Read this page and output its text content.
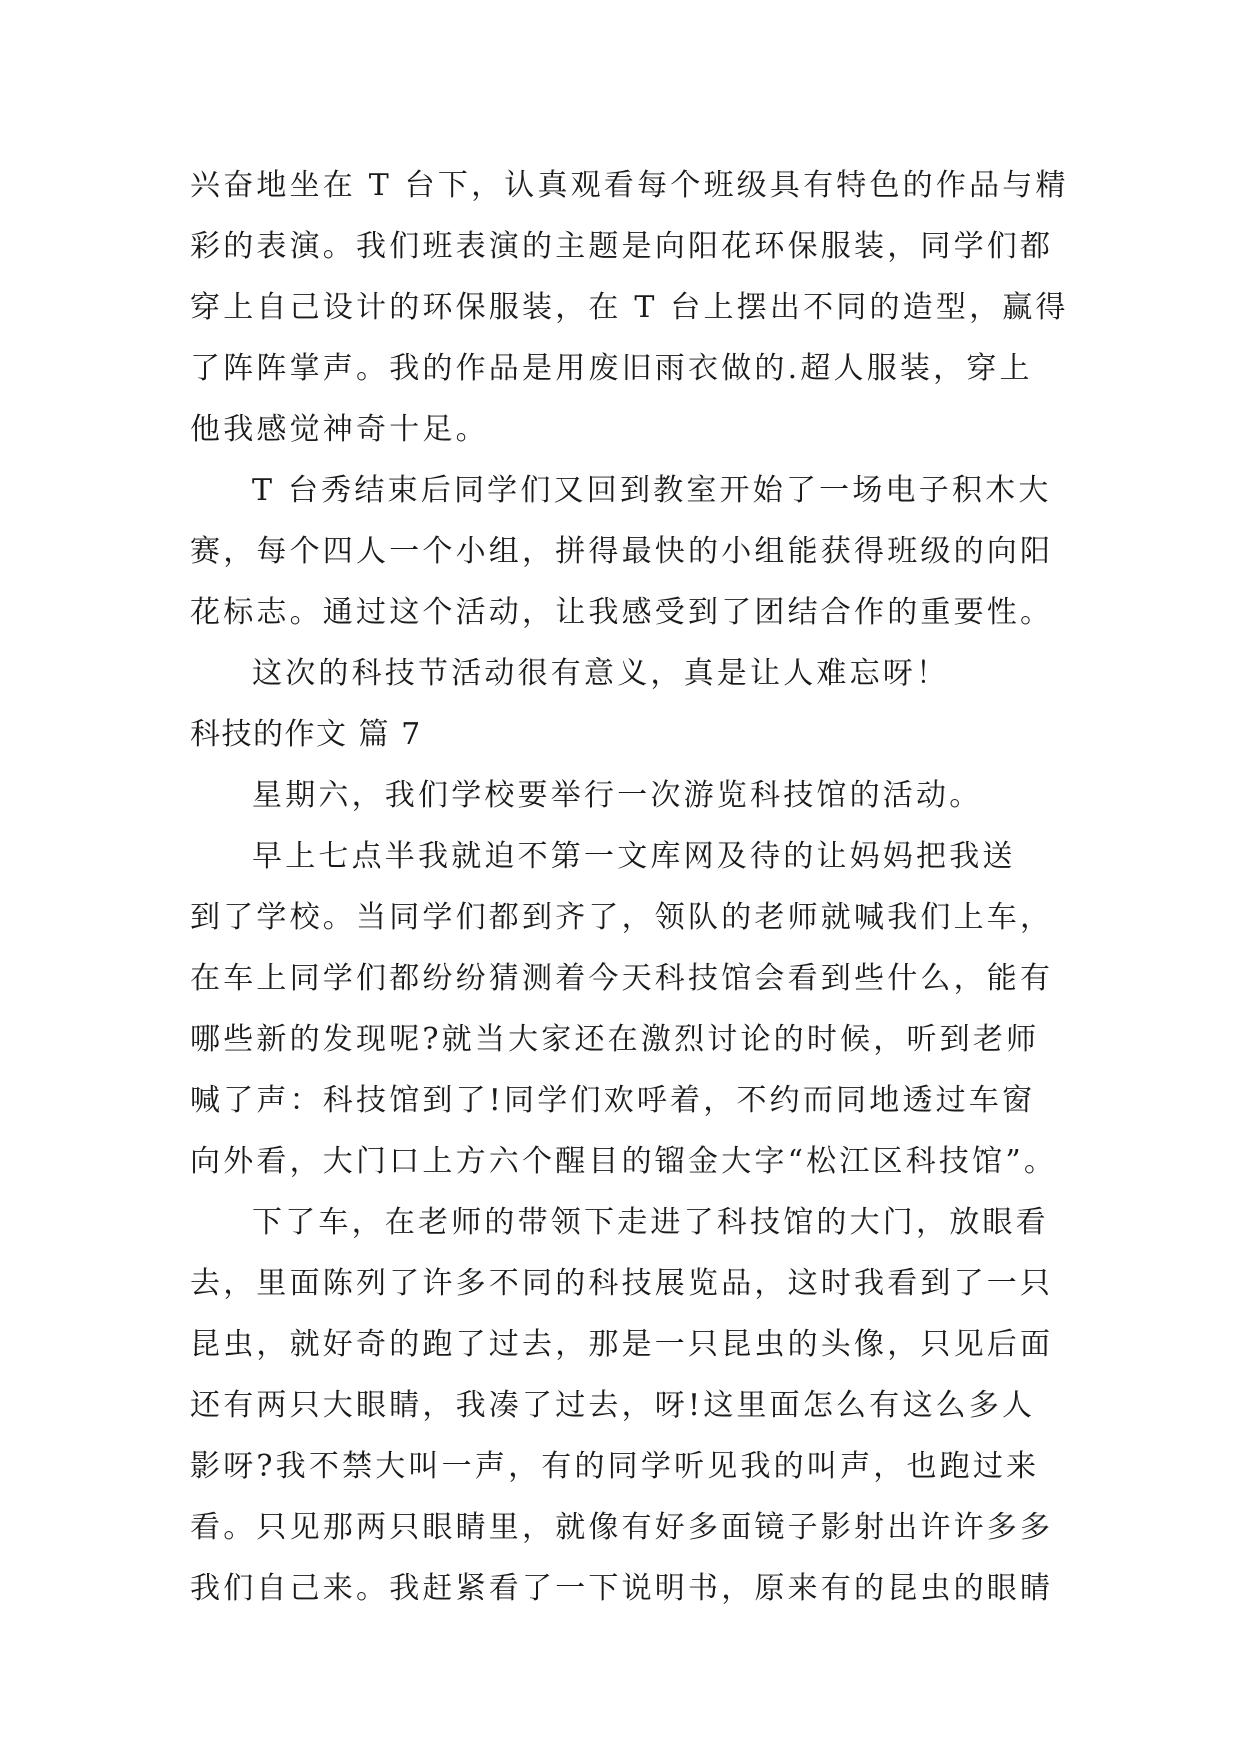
兴奋地坐在 T 台下，认真观看每个班级具有特色的作品与精
彩的表演。我们班表演的主题是向阳花环保服装，同学们都
穿上自己设计的环保服装，在 T 台上摆出不同的造型，赢得
了阵阵掌声。我的作品是用废旧雨衣做的.超人服装，穿上
他我感觉神奇十足。
T 台秀结束后同学们又回到教室开始了一场电子积木大
赛，每个四人一个小组，拼得最快的小组能获得班级的向阳
花标志。通过这个活动，让我感受到了团结合作的重要性。
这次的科技节活动很有意义，真是让人难忘呀！
科技的作文 篇 7
星期六，我们学校要举行一次游览科技馆的活动。
早上七点半我就迫不第一文库网及待的让妈妈把我送
到了学校。当同学们都到齐了，领队的老师就喊我们上车，
在车上同学们都纷纷猜测着今天科技馆会看到些什么，能有
哪些新的发现呢?就当大家还在激烈讨论的时候，听到老师
喊了声：科技馆到了!同学们欢呼着，不约而同地透过车窗
向外看，大门口上方六个醒目的镏金大字“松江区科技馆”。
下了车，在老师的带领下走进了科技馆的大门，放眼看
去，里面陈列了许多不同的科技展览品，这时我看到了一只
昆虫，就好奇的跑了过去，那是一只昆虫的头像，只见后面
还有两只大眼睛，我凑了过去，呀!这里面怎么有这么多人
影呀?我不禁大叫一声，有的同学听见我的叫声，也跑过来
看。只见那两只眼睛里，就像有好多面镜子影射出许许多多
我们自己来。我赶紧看了一下说明书，原来有的昆虫的眼睛
